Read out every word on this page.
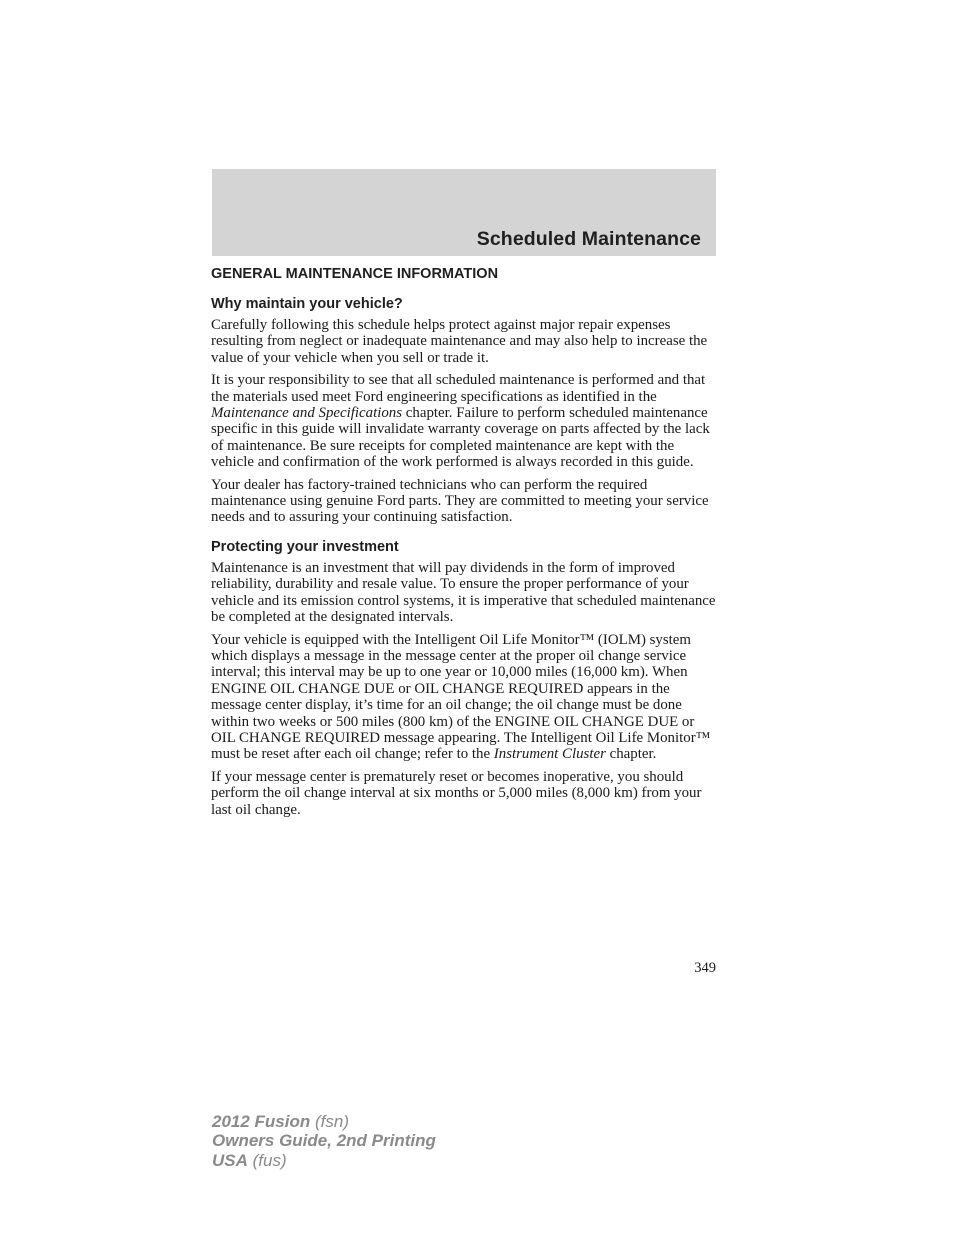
Scheduled Maintenance
GENERAL MAINTENANCE INFORMATION
Why maintain your vehicle?

Carefully following this schedule helps protect against major repair expenses resulting from neglect or inadequate maintenance and may also help to increase the value of your vehicle when you sell or trade it.

It is your responsibility to see that all scheduled maintenance is performed and that the materials used meet Ford engineering specifications as identified in the Maintenance and Specifications chapter. Failure to perform scheduled maintenance specific in this guide will invalidate warranty coverage on parts affected by the lack of maintenance. Be sure receipts for completed maintenance are kept with the vehicle and confirmation of the work performed is always recorded in this guide.

Your dealer has factory-trained technicians who can perform the required maintenance using genuine Ford parts. They are committed to meeting your service needs and to assuring your continuing satisfaction.

Protecting your investment

Maintenance is an investment that will pay dividends in the form of improved reliability, durability and resale value. To ensure the proper performance of your vehicle and its emission control systems, it is imperative that scheduled maintenance be completed at the designated intervals.

Your vehicle is equipped with the Intelligent Oil Life Monitor™ (IOLM) system which displays a message in the message center at the proper oil change service interval; this interval may be up to one year or 10,000 miles (16,000 km). When ENGINE OIL CHANGE DUE or OIL CHANGE REQUIRED appears in the message center display, it’s time for an oil change; the oil change must be done within two weeks or 500 miles (800 km) of the ENGINE OIL CHANGE DUE or OIL CHANGE REQUIRED message appearing. The Intelligent Oil Life Monitor™ must be reset after each oil change; refer to the Instrument Cluster chapter.

If your message center is prematurely reset or becomes inoperative, you should perform the oil change interval at six months or 5,000 miles (8,000 km) from your last oil change.

349
2012 Fusion (fsn)
Owners Guide, 2nd Printing
USA (fus)
